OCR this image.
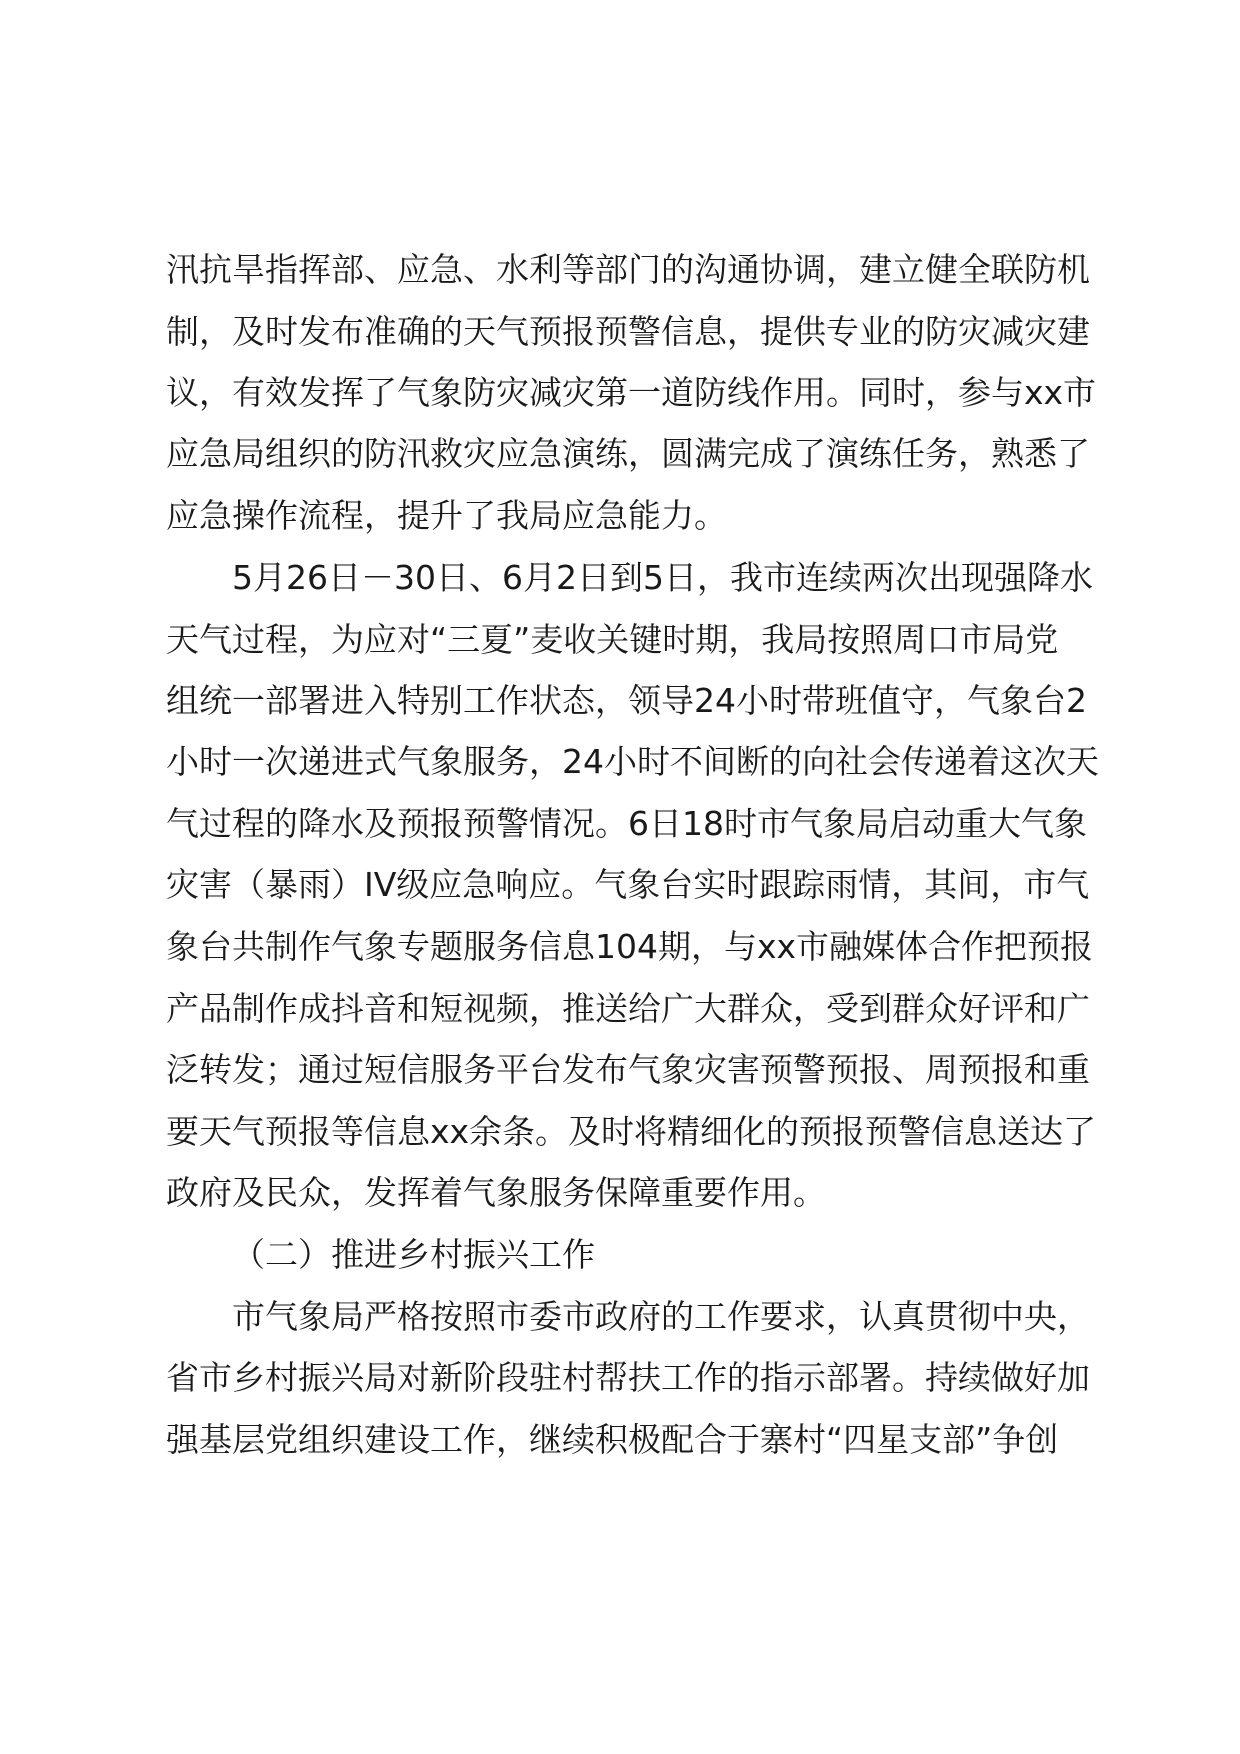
汛抗旱指挥部、应急、水利等部门的沟通协调，建立健全联防机
制，及时发布准确的天气预报预警信息，提供专业的防灾减灾建
议，有效发挥了气象防灾减灾第一道防线作用。同时，参与xx市
应急局组织的防汛救灾应急演练，圆满完成了演练任务，熟悉了
应急操作流程，提升了我局应急能力。
5月26日－30日、6月2日到5日，我市连续两次出现强降水
天气过程，为应对“三夏”麦收关键时期，我局按照周口市局党
组统一部署进入特别工作状态，领导24小时带班值守，气象台2
小时一次递进式气象服务，24小时不间断的向社会传递着这次天
气过程的降水及预报预警情况。6日18时市气象局启动重大气象
灾害（暴雨）IV级应急响应。气象台实时跟踪雨情，其间，市气
象台共制作气象专题服务信息104期，与xx市融媒体合作把预报
产品制作成抖音和短视频，推送给广大群众，受到群众好评和广
泛转发；通过短信服务平台发布气象灾害预警预报、周预报和重
要天气预报等信息xx余条。及时将精细化的预报预警信息送达了
政府及民众，发挥着气象服务保障重要作用。
（二）推进乡村振兴工作
市气象局严格按照市委市政府的工作要求，认真贯彻中央，
省市乡村振兴局对新阶段驻村帮扶工作的指示部署。持续做好加
强基层党组织建设工作，继续积极配合于寨村“四星支部”争创
